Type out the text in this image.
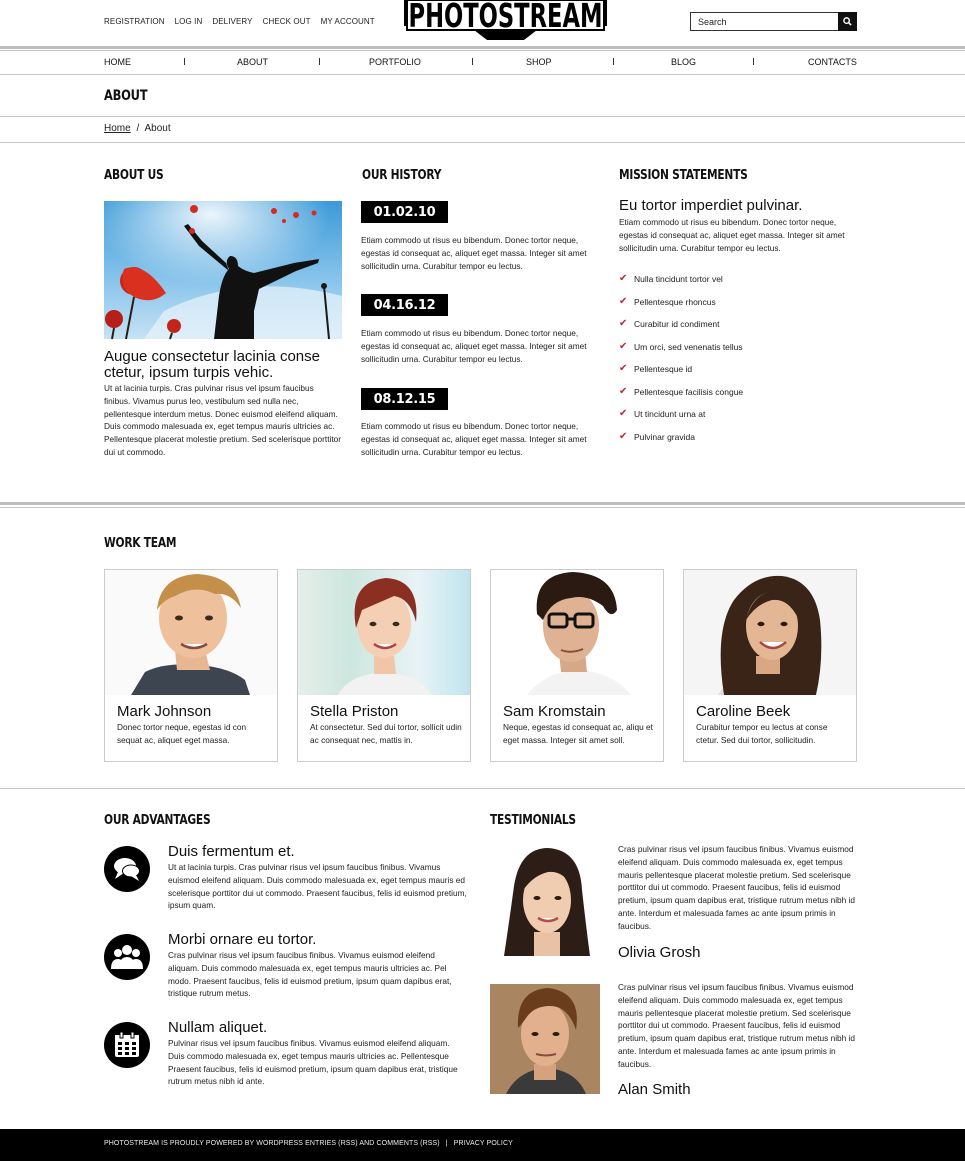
REGISTRATION LOG IN DELIVERY CHECK OUT MY ACCOUNT PHOTOSTREAM
Search
HOME	ABOUT	PORTFOLIO	SHOP	BLOG	CONTACTS
ABOUT
Home / About
ABOUT US
Augue consectetur lacinia conse ctetur, ipsum turpis vehic.
Ut at lacinia turpis. Cras pulvinar risus vel ipsum faucibus finibus. Vivamus purus leo, vestibulum sed nulla nec, pellentesque interdum metus. Donec euismod eleifend aliquam. Duis commodo malesuada ex, eget tempus mauris ultricies ac. Pellentesque placerat molestie pretium. Sed scelerisque porttitor dui ut commodo.
OUR HISTORY
01.02.10
Etiam commodo ut risus eu bibendum. Donec tortor neque, egestas id consequat ac, aliquet eget massa. Integer sit amet sollicitudin urna. Curabitur tempor eu lectus.
04.16.12
Etiam commodo ut risus eu bibendum. Donec tortor neque, egestas id consequat ac, aliquet eget massa. Integer sit amet sollicitudin urna. Curabitur tempor eu lectus.
08.12.15
Etiam commodo ut risus eu bibendum. Donec tortor neque, egestas id consequat ac, aliquet eget massa. Integer sit amet sollicitudin urna. Curabitur tempor eu lectus.
MISSION STATEMENTS
Eu tortor imperdiet pulvinar.
Etiam commodo ut risus eu bibendum. Donec tortor neque, egestas id consequat ac, aliquet eget massa. Integer sit amet sollicitudin urna. Curabitur tempor eu lectus.
✔ Nulla tincidunt tortor vel
✔ Pellentesque rhoncus
✔ Curabitur id condiment
✔ Um orci, sed venenatis tellus
✔ Pellentesque id
✔ Pellentesque facilisis congue
✔ Ut tincidunt urna at
✔ Pulvinar gravida
WORK TEAM
Mark Johnson
Donec tortor neque, egestas id con sequat ac, aliquet eget massa.
Stella Priston
At consectetur. Sed dui tortor, sollicit udin ac consequat nec, mattis in.
Sam Kromstain
Neque, egestas id consequat ac, aliqu et eget massa. Integer sit amet soll.
Caroline Beek
Curabitur tempor eu lectus at conse ctetur. Sed dui tortor, sollicitudin.
OUR ADVANTAGES
Duis fermentum et.
Ut at lacinia turpis. Cras pulvinar risus vel ipsum faucibus finibus. Vivamus euismod eleifend aliquam. Duis commodo malesuada ex, eget tempus mauris ed scelerisque porttitor dui ut commodo. Praesent faucibus, felis id euismod pretium, ipsum quam.
Morbi ornare eu tortor.
Cras pulvinar risus vel ipsum faucibus finibus. Vivamus euismod eleifend aliquam. Duis commodo malesuada ex, eget tempus mauris ultricies ac. Pel modo. Praesent faucibus, felis id euismod pretium, ipsum quam dapibus erat, tristique rutrum metus.
Nullam aliquet.
Pulvinar risus vel ipsum faucibus finibus. Vivamus euismod eleifend aliquam. Duis commodo malesuada ex, eget tempus mauris ultricies ac. Pellentesque Praesent faucibus, felis id euismod pretium, ipsum quam dapibus erat, tristique rutrum metus nibh id ante.
TESTIMONIALS
Cras pulvinar risus vel ipsum faucibus finibus. Vivamus euismod eleifend aliquam. Duis commodo malesuada ex, eget tempus mauris pellentesque placerat molestie pretium. Sed scelerisque porttitor dui ut commodo. Praesent faucibus, felis id euismod pretium, ipsum quam dapibus erat, tristique rutrum metus nibh id ante. Interdum et malesuada fames ac ante ipsum primis in faucibus.
Olivia Grosh
Cras pulvinar risus vel ipsum faucibus finibus. Vivamus euismod eleifend aliquam. Duis commodo malesuada ex, eget tempus mauris pellentesque placerat molestie pretium. Sed scelerisque porttitor dui ut commodo. Praesent faucibus, felis id euismod pretium, ipsum quam dapibus erat, tristique rutrum metus nibh id ante. Interdum et malesuada fames ac ante ipsum primis in faucibus.
Alan Smith
PHOTOSTREAM IS PROUDLY POWERED BY WORDPRESS ENTRIES (RSS) AND COMMENTS (RSS) | PRIVACY POLICY
